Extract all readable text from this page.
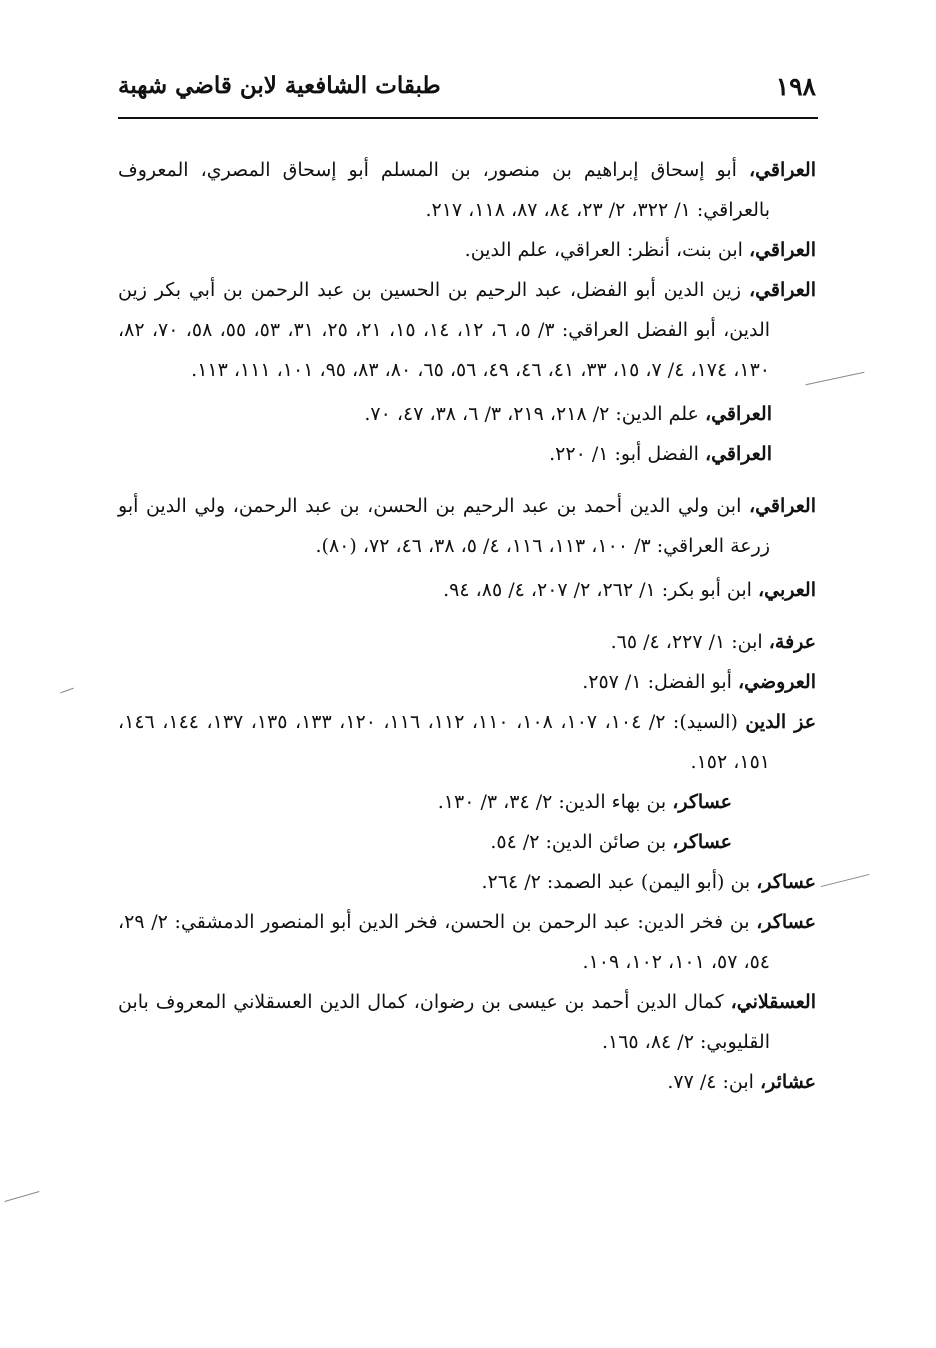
١٩٨
طبقات الشافعية لابن قاضي شهبة
العراقي، أبو إسحاق إبراهيم بن منصور، بن المسلم أبو إسحاق المصري، المعروف بالعراقي: ١/ ٣٢٢، ٢/ ٢٣، ٨٤، ٨٧، ١١٨، ٢١٧.
العراقي، ابن بنت، أنظر: العراقي، علم الدين.
العراقي، زين الدين أبو الفضل، عبد الرحيم بن الحسين بن عبد الرحمن بن أبي بكر زين الدين، أبو الفضل العراقي: ٣/ ٥، ٦، ١٢، ١٤، ١٥، ٢١، ٢٥، ٣١، ٥٣، ٥٥، ٥٨، ٧٠، ٨٢، ١٣٠، ١٧٤، ٤/ ٧، ١٥، ٣٣، ٤١، ٤٦، ٤٩، ٥٦، ٦٥، ٨٠، ٨٣، ٩٥، ١٠١، ١١١، ١١٣.
العراقي، علم الدين: ٢/ ٢١٨، ٢١٩، ٣/ ٦، ٣٨، ٤٧، ٧٠.
العراقي، الفضل أبو: ١/ ٢٢٠.
العراقي، ابن ولي الدين أحمد بن عبد الرحيم بن الحسن، بن عبد الرحمن، ولي الدين أبو زرعة العراقي: ٣/ ١٠٠، ١١٣، ١١٦، ٤/ ٥، ٣٨، ٤٦، ٧٢، (٨٠).
العربي، ابن أبو بكر: ١/ ٢٦٢، ٢/ ٢٠٧، ٤/ ٨٥، ٩٤.
عرفة، ابن: ١/ ٢٢٧، ٤/ ٦٥.
العروضي، أبو الفضل: ١/ ٢٥٧.
عز الدين (السيد): ٢/ ١٠٤، ١٠٧، ١٠٨، ١١٠، ١١٢، ١١٦، ١٢٠، ١٣٣، ١٣٥، ١٣٧، ١٤٤، ١٤٦، ١٥١، ١٥٢.
عساكر، بن بهاء الدين: ٢/ ٣٤، ٣/ ١٣٠.
عساكر، بن صائن الدين: ٢/ ٥٤.
عساكر، بن (أبو اليمن) عبد الصمد: ٢/ ٢٦٤.
عساكر، بن فخر الدين: عبد الرحمن بن الحسن، فخر الدين أبو المنصور الدمشقي: ٢/ ٢٩، ٥٤، ٥٧، ١٠١، ١٠٢، ١٠٩.
العسقلاني، كمال الدين أحمد بن عيسى بن رضوان، كمال الدين العسقلاني المعروف بابن القليوبي: ٢/ ٨٤، ١٦٥.
عشائر، ابن: ٤/ ٧٧.
